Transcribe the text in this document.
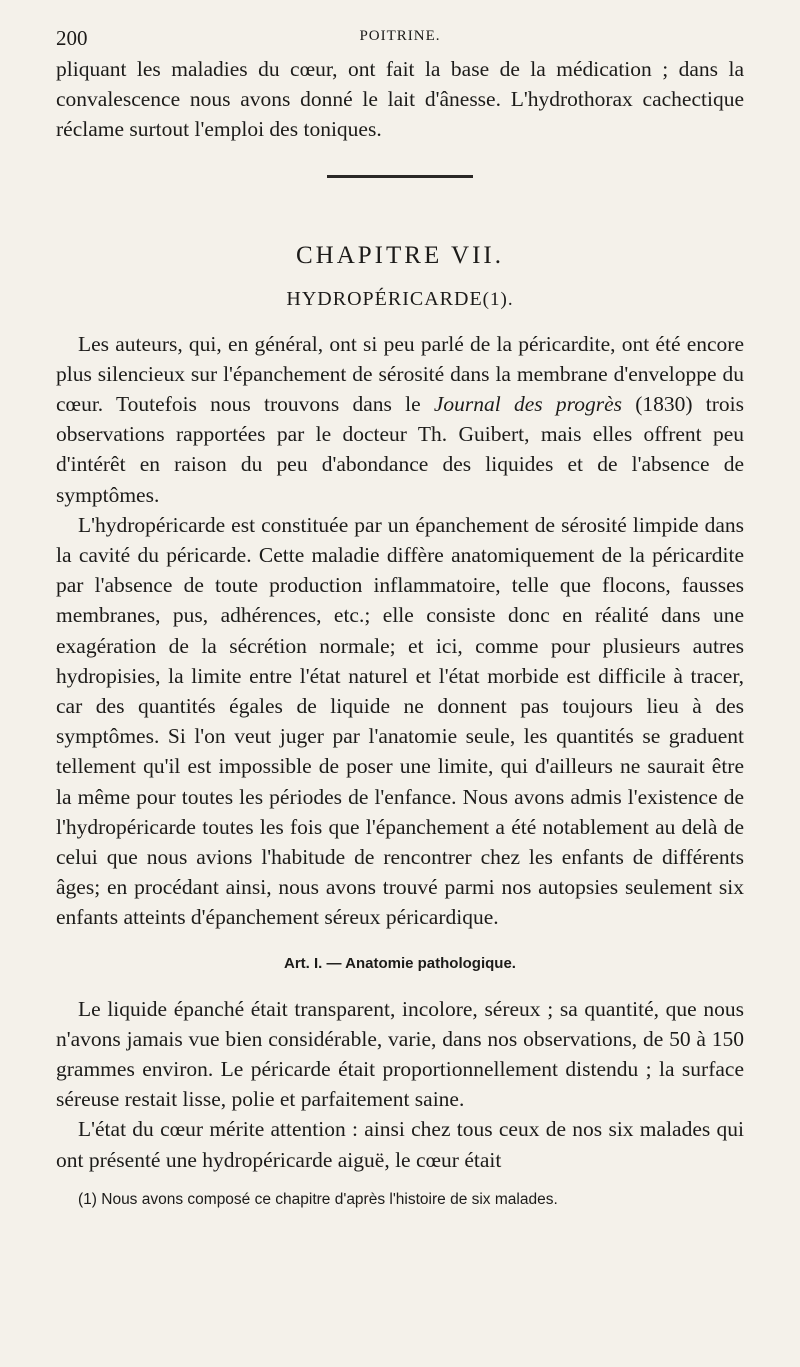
200	POITRINE.

pliquant les maladies du cœur, ont fait la base de la médication ; dans la convalescence nous avons donné le lait d'ânesse. L'hydrothorax cachectique réclame surtout l'emploi des toniques.

CHAPITRE VII.
HYDROPÉRICARDE(1).

Les auteurs, qui, en général, ont si peu parlé de la péricardite, ont été encore plus silencieux sur l'épanchement de sérosité dans la membrane d'enveloppe du cœur. Toutefois nous trouvons dans le Journal des progrès (1830) trois observations rapportées par le docteur Th. Guibert, mais elles offrent peu d'intérêt en raison du peu d'abondance des liquides et de l'absence de symptômes.

L'hydropéricarde est constituée par un épanchement de sérosité limpide dans la cavité du péricarde. Cette maladie diffère anatomiquement de la péricardite par l'absence de toute production inflammatoire, telle que flocons, fausses membranes, pus, adhérences, etc.; elle consiste donc en réalité dans une exagération de la sécrétion normale; et ici, comme pour plusieurs autres hydropisies, la limite entre l'état naturel et l'état morbide est difficile à tracer, car des quantités égales de liquide ne donnent pas toujours lieu à des symptômes. Si l'on veut juger par l'anatomie seule, les quantités se graduent tellement qu'il est impossible de poser une limite, qui d'ailleurs ne saurait être la même pour toutes les périodes de l'enfance. Nous avons admis l'existence de l'hydropéricarde toutes les fois que l'épanchement a été notablement au delà de celui que nous avions l'habitude de rencontrer chez les enfants de différents âges; en procédant ainsi, nous avons trouvé parmi nos autopsies seulement six enfants atteints d'épanchement séreux péricardique.

Art. I. — Anatomie pathologique.

Le liquide épanché était transparent, incolore, séreux ; sa quantité, que nous n'avons jamais vue bien considérable, varie, dans nos observations, de 50 à 150 grammes environ. Le péricarde était proportionnellement distendu ; la surface séreuse restait lisse, polie et parfaitement saine.

L'état du cœur mérite attention : ainsi chez tous ceux de nos six malades qui ont présenté une hydropéricarde aiguë, le cœur était

(1) Nous avons composé ce chapitre d'après l'histoire de six malades.
